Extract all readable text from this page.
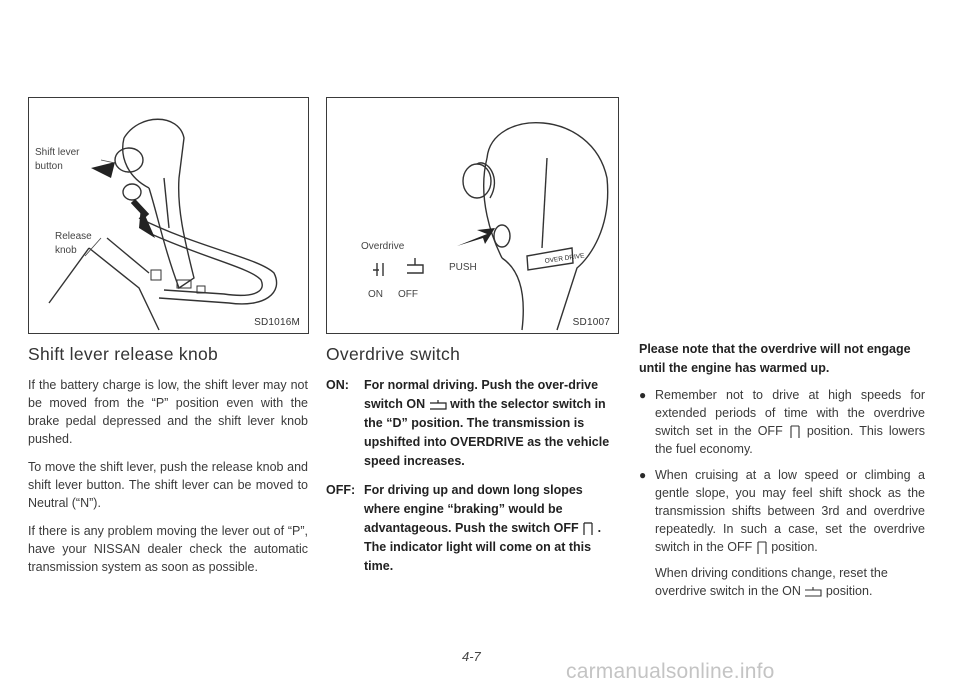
Shift lever
button
Release
knob
SD1016M
OVER DRIVE
Overdrive
ON OFF
PUSH
SD1007
Shift lever release knob

If the battery charge is low, the shift lever may not be moved from the “P” position even with the brake pedal depressed and the shift lever knob pushed.

To move the shift lever, push the release knob and shift lever button. The shift lever can be moved to Neutral (“N”).

If there is any problem moving the lever out of “P”, have your NISSAN dealer check the automatic transmission system as soon as possible.

Overdrive switch
ON:	For normal driving. Push the over-drive switch ON with the selector switch in the “D” position. The transmission is upshifted into OVERDRIVE as the vehicle speed increases.
OFF: For driving up and down long slopes where engine “braking” would be advantageous. Push the switch OFF . The indicator light will come on at this time.

Please note that the overdrive will not engage until the engine has warmed up.

● Remember not to drive at high speeds for extended periods of time with the overdrive switch set in the OFF position. This lowers the fuel economy.
● When cruising at a low speed or climbing a gentle slope, you may feel shift shock as the transmission shifts between 3rd and overdrive repeatedly. In such a case, set the overdrive switch in the OFF position.
When driving conditions change, reset the overdrive switch in the ON position.
4-7
carmanualsonline.info
